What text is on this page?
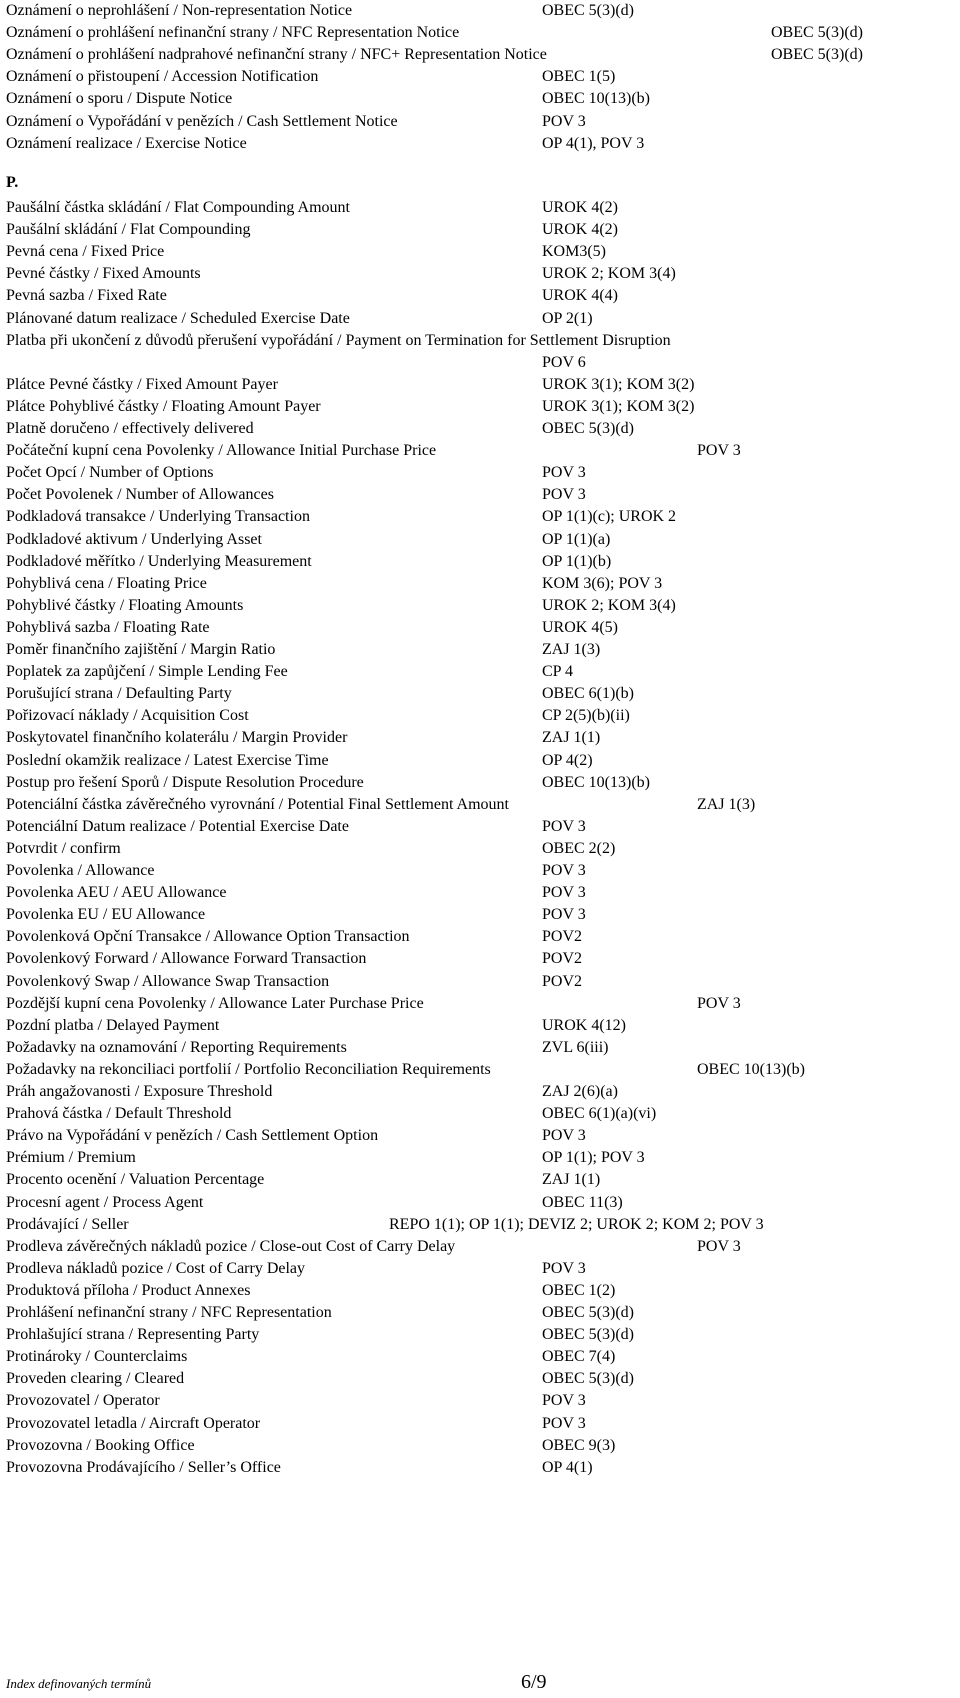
Oznámení o neprohlášení / Non-representation Notice	OBEC 5(3)(d)
Oznámení o prohlášení nefinanční strany / NFC Representation Notice	OBEC 5(3)(d)
Oznámení o prohlášení nadprahové nefinanční strany / NFC+ Representation Notice	OBEC 5(3)(d)
Oznámení o přistoupení / Accession Notification	OBEC 1(5)
Oznámení o sporu / Dispute Notice	OBEC 10(13)(b)
Oznámení o Vypořádání v penězích / Cash Settlement Notice	POV 3
Oznámení realizace / Exercise Notice	OP 4(1), POV 3
P.
Paušální částka skládání / Flat Compounding Amount	UROK 4(2)
Paušální skládání / Flat Compounding	UROK 4(2)
Pevná cena / Fixed Price	KOM3(5)
Pevné částky / Fixed Amounts	UROK 2; KOM 3(4)
Pevná sazba / Fixed Rate	UROK 4(4)
Plánované datum realizace / Scheduled Exercise Date	OP 2(1)
Platba při ukončení z důvodů přerušení vypořádání / Payment on Termination for Settlement Disruption
POV 6
Plátce Pevné částky / Fixed Amount Payer	UROK 3(1); KOM 3(2)
Plátce Pohyblivé částky / Floating Amount Payer	UROK 3(1); KOM 3(2)
Platně doručeno / effectively delivered	OBEC 5(3)(d)
Počáteční kupní cena Povolenky / Allowance Initial Purchase Price	POV 3
Počet Opcí / Number of Options	POV 3
Počet Povolenek / Number of Allowances	POV 3
Podkladová transakce / Underlying Transaction	OP 1(1)(c); UROK 2
Podkladové aktivum / Underlying Asset	OP 1(1)(a)
Podkladové měřítko / Underlying Measurement	OP 1(1)(b)
Pohyblivá cena / Floating Price	KOM 3(6); POV 3
Pohyblivé částky / Floating Amounts	UROK 2; KOM 3(4)
Pohyblivá sazba / Floating Rate	UROK 4(5)
Poměr finančního zajištění / Margin Ratio	ZAJ 1(3)
Poplatek za zapůjčení / Simple Lending Fee	CP 4
Porušující strana / Defaulting Party	OBEC 6(1)(b)
Pořizovací náklady / Acquisition Cost	CP 2(5)(b)(ii)
Poskytovatel finančního kolaterálu / Margin Provider	ZAJ 1(1)
Poslední okamžik realizace / Latest Exercise Time	OP 4(2)
Postup pro řešení Sporů / Dispute Resolution Procedure	OBEC 10(13)(b)
Potenciální částka závěrečného vyrovnání / Potential Final Settlement Amount	ZAJ 1(3)
Potenciální Datum realizace / Potential Exercise Date	POV 3
Potvrdit / confirm	OBEC 2(2)
Povolenka / Allowance	POV 3
Povolenka AEU / AEU Allowance	POV 3
Povolenka EU / EU Allowance	POV 3
Povolenková Opční Transakce / Allowance Option Transaction	POV2
Povolenkový Forward / Allowance Forward Transaction	POV2
Povolenkový Swap / Allowance Swap Transaction	POV2
Pozdější kupní cena Povolenky / Allowance Later Purchase Price	POV 3
Pozdní platba / Delayed Payment	UROK 4(12)
Požadavky na oznamování / Reporting Requirements	ZVL 6(iii)
Požadavky na rekonciliaci portfolií / Portfolio Reconciliation Requirements	OBEC 10(13)(b)
Práh angažovanosti / Exposure Threshold	ZAJ 2(6)(a)
Prahová částka / Default Threshold	OBEC 6(1)(a)(vi)
Právo na Vypořádání v penězích / Cash Settlement Option	POV 3
Prémium / Premium	OP 1(1); POV 3
Procento ocenění / Valuation Percentage	ZAJ 1(1)
Procesní agent / Process Agent	OBEC 11(3)
Prodávající / Seller	REPO 1(1); OP 1(1); DEVIZ 2; UROK 2; KOM 2; POV 3
Prodleva závěrečných nákladů pozice / Close-out Cost of Carry Delay	POV 3
Prodleva nákladů pozice / Cost of Carry Delay	POV 3
Produktová příloha / Product Annexes	OBEC 1(2)
Prohlášení nefinanční strany / NFC Representation	OBEC 5(3)(d)
Prohlašující strana / Representing Party	OBEC 5(3)(d)
Protinároky / Counterclaims	OBEC 7(4)
Proveden clearing / Cleared	OBEC 5(3)(d)
Provozovatel / Operator	POV 3
Provozovatel letadla / Aircraft Operator	POV 3
Provozovna / Booking Office	OBEC 9(3)
Provozovna Prodávajícího / Seller’s Office	OP 4(1)
Index definovaných termínů	6/9
